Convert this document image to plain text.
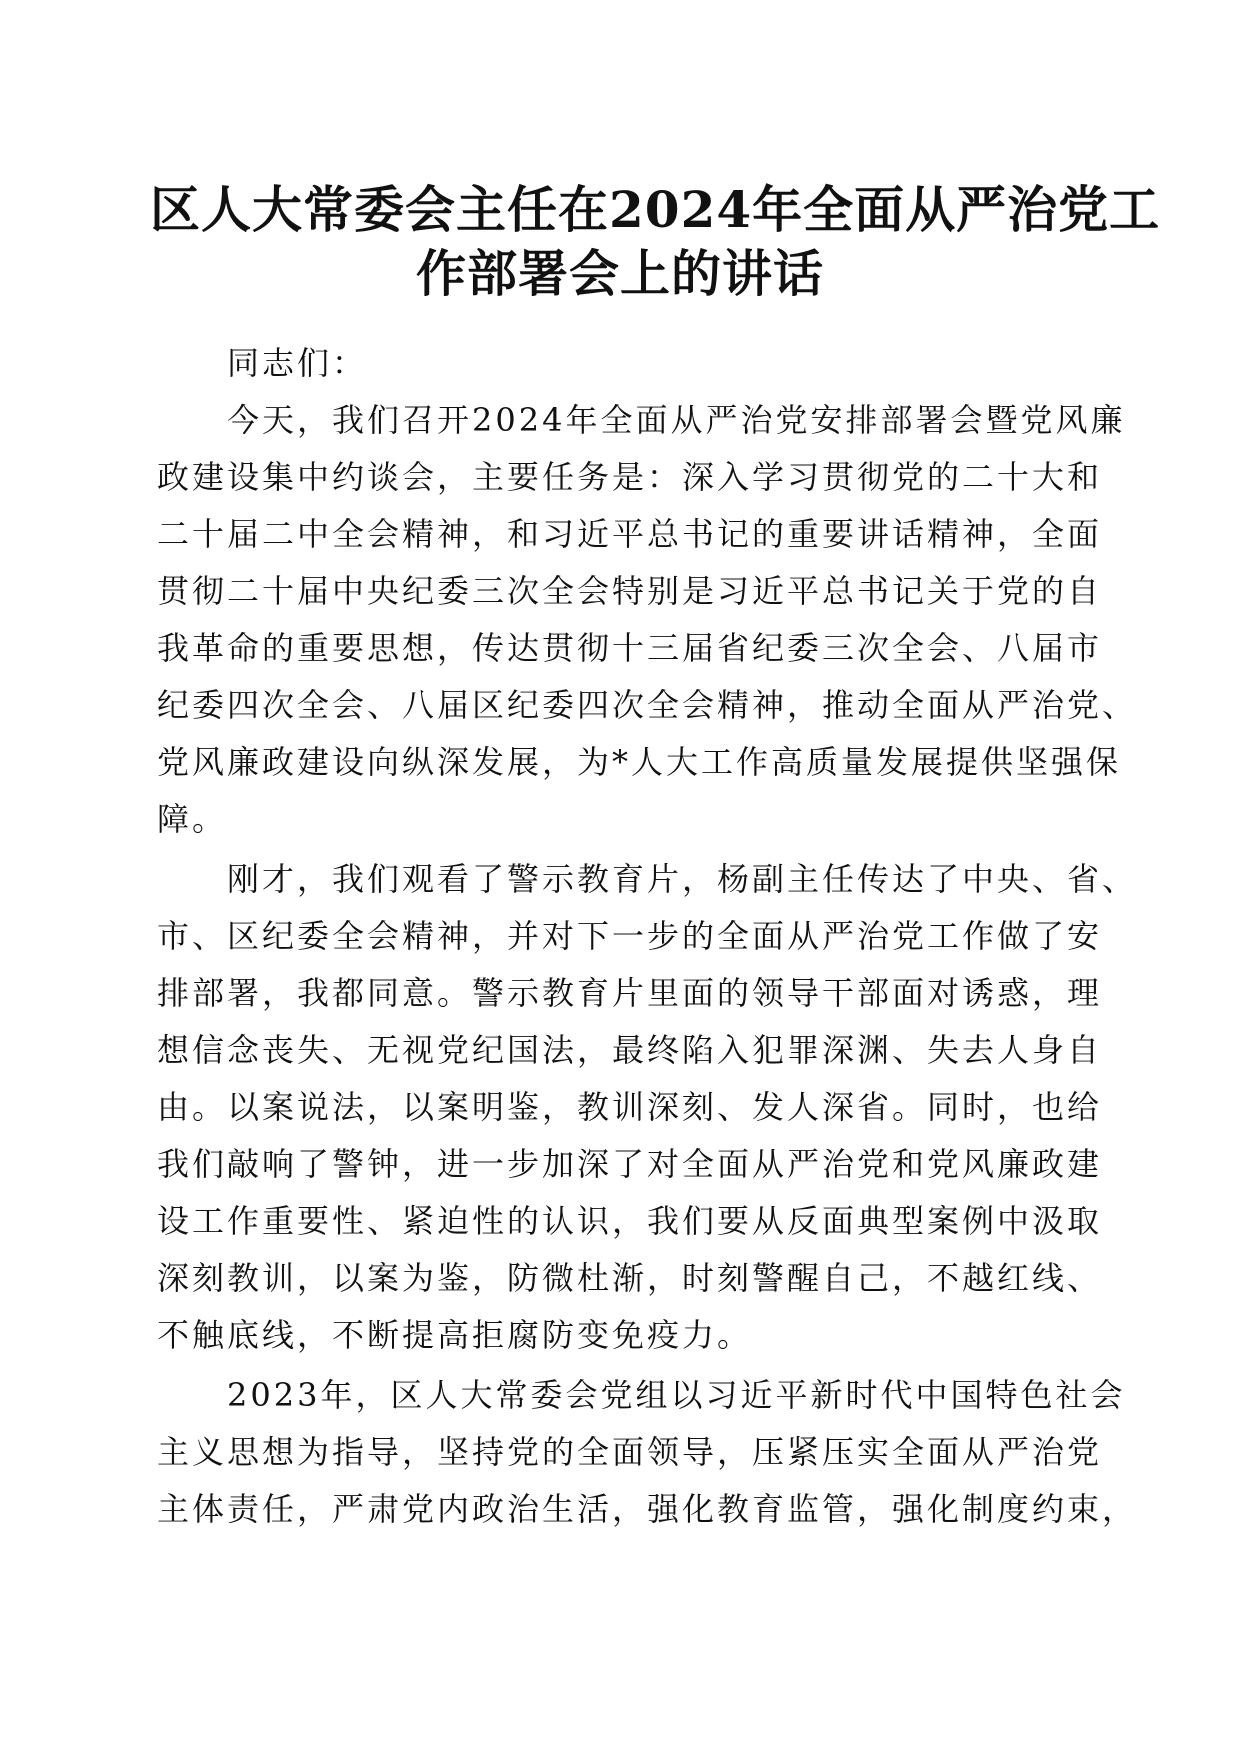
区人大常委会主任在2024年全面从严治党工
作部署会上的讲话
　　同志们：
　　今天，我们召开2024年全面从严治党安排部署会暨党风廉
政建设集中约谈会，主要任务是：深入学习贯彻党的二十大和
二十届二中全会精神，和习近平总书记的重要讲话精神，全面
贯彻二十届中央纪委三次全会特别是习近平总书记关于党的自
我革命的重要思想，传达贯彻十三届省纪委三次全会、八届市
纪委四次全会、八届区纪委四次全会精神，推动全面从严治党、
党风廉政建设向纵深发展，为*人大工作高质量发展提供坚强保
障。
　　刚才，我们观看了警示教育片，杨副主任传达了中央、省、
市、区纪委全会精神，并对下一步的全面从严治党工作做了安
排部署，我都同意。警示教育片里面的领导干部面对诱惑，理
想信念丧失、无视党纪国法，最终陷入犯罪深渊、失去人身自
由。以案说法，以案明鉴，教训深刻、发人深省。同时，也给
我们敲响了警钟，进一步加深了对全面从严治党和党风廉政建
设工作重要性、紧迫性的认识，我们要从反面典型案例中汲取
深刻教训，以案为鉴，防微杜渐，时刻警醒自己，不越红线、
不触底线，不断提高拒腐防变免疫力。
　　2023年，区人大常委会党组以习近平新时代中国特色社会
主义思想为指导，坚持党的全面领导，压紧压实全面从严治党
主体责任，严肃党内政治生活，强化教育监管，强化制度约束，
